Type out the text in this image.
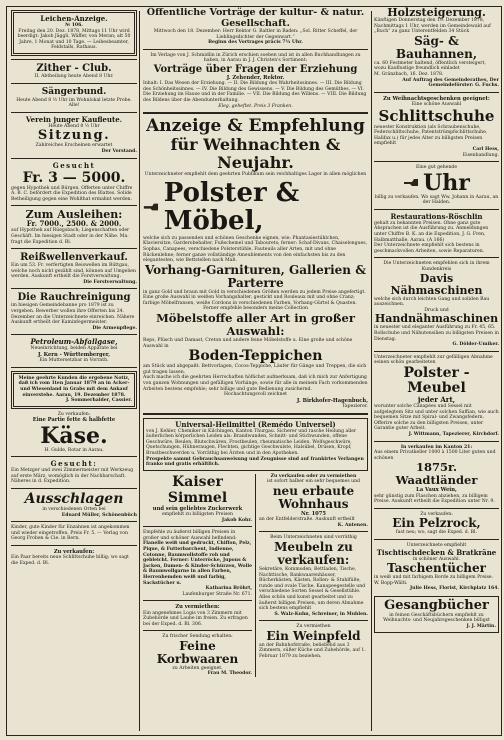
Leichen-Anzeige.
№ 106.
Freitag den 20. Dez. 1878, Mittags 11 Uhr wird beerdigt: Jakob Jäggli, Wäffer, von Meran; alt 50 Jahre, 1 Monat und 10 Tage. — Leibesbeamter, Feldstalls, Rathaus.
Zither - Club.
II. Abtheilung heute Abend 8 Uhr.
Sängerbund.
Heute Abend 8 ½ Uhr im Wohnlokal letzte Probe. Alle!
Verein junger Kaufleute.
Heute Abend 8 ½ Uhr
Sitzung.
Zahlreiches Erscheinen erwartet
Der Vorstand.
Gesucht
Fr. 3 — 5000.
gegen Hypothek und Bürgen. Offerten unter Chiffre A. B. C. befördert die Expedition des Blattes. Solide Betheiligung gegen eine Wohlthat ermahnt werden.
Zum Ausleihen:
Fr. 7000., 2500. & 2000.
auf Hypothek auf Rüegsbach; Liegenschaften oder Geschäft. Im hiesigen Stadt oder in der Nähe. Ma. fragt die Expedition d. Bl.
Reißwellenverkauf.
Ein um 53. Fr. verfertigten Reiswellen im Büttgau, welche noch nicht gezählt sind, können auf Umgelien werden. Auskunft ertheilt die Forstverwaltung.
Die Forstverwaltung.
Die Rauchreinigung
im hiesigen Gemeindebanne pro 1879 ist zu vergeben. Bewerber wollen ihre Offerten bis 24. Dezember an die Unterzeichnete einreichen. Nähere Auskunft ertheilt der Kaminfegermeister.
Die Armenpflege.
Petroleum-Abfallgase,
Neueinrichtung, beiden Apparate bei
J. Kern - Württemberger,
Ein Muttersetzbar in Vorrath.
Meine geehrte Kunden die ergebene Notiz, daß ich vom 1ten Januar 1879 an in Acker- und Wiesenland in Grabs mit dem Ankauf einverstehe. Aarau, 19. Dezember 1878.
J. Sommerhalder, Cassier.
Zu verkaufen:
Eine Partie fette & halbfette
Käse.
H. Gulde, Rotar in Aarau.
Gesucht:
Ein Metzger und zwei Zimmermeister mit Werkzeug auf erste März, womöglich in der Nachbarschaft. Näheres in d. Expedition.
Ausschlagen
in verschiedenen Orten bei
Eduard Müller, Schönenbüch
Kinder, gute Kinder für Enzahnen ist angekommen und wieder eingetroffen. Preis Fr. 5. — Verlag von Georg Froben & Cie. in Bern.
Zu verkaufen:
Ein Paar bereits neue Schlittschuhe billig; wo sagt die Exped. d. Bl.
Öffentliche Vorträge der kultur- & natur. Gesellschaft.
Mittwoch den 18. Dezember: Herr Rektor G. Baltler in Baden: „Sol. Ritter Scheffel, der Lieblingsdichter der Gegenwart.“
Beginn des Vortrages präcis 7¾ Uhr.
Im Verlage von J. Schmidlin in Zürich erschien soeben und ist in allen Buchhandlungen zu haben, in Aarau in J. J. Christen's Sortiment:
Vorträge über Fragen der Erziehung
J. Zehender, Rektor.
Inhalt: I. Das Wesen der Erziehung. — II. Die Bildung des Wahrheitssinnes. — III. Die Bildung des Schönheitssinnes. — IV. Die Bildung des Gewissens. — V. Die Bildung des Gemüthes. — VI. Die Erziehung im Hause und in der Familie. — VII. Die Bildung des Willens. — VIII. Die Bildung des Bildens über die Abendunterhaltung.
Eleg. geheftet. Preis 3 Franken.
Anzeige & Empfehlung
für Weihnachten & Neujahr.
Unterzeichneter empfiehlt dem geehrten Publikum sein reichhaltiges Lager in allen möglichen
Polster & Möbel,
welche sich zu passenden und schönen Geschenke eignen, wie: Phantasiestühlchen, Klaviersitze, Garderobehalter, Fußschemel und Tabourets; ferner: Schaf-Divans, Chaiselongues, Sophas, Canapees, verschiedene Polsterstühle, Fauteuils aller Arten, mit und ohne Rückenlehne; ferner ganze vollständige Ameublements von den einfachsten bis zu den elegantesten, wie Bettstellen nach Maß.
Vorhang-Garnituren, Gallerien & Parterre
in ganz Gold und braun mit Gold in verschiedenen Größen werden zu jedem Preise angefertigt.
Eine große Auswahl in weißen Vorhangshalter, gestickt und Rouleaux mit und ohne Cranz; farbige Möbelfransen, weiße Cordons in verschiedenen Farben, Vorhang-Gürtel & Quasten.
Ferner empfehle besonders meine Collection
Möbelstoffe aller Art in großer Auswahl:
Reps, Plüsch und Damast, Creton und andere feine Möbelstoffe u. Eine große und schöne Auswahl in
Boden-Teppichen
am Stück und abgepaßt. Bettvorlagen, Cocos-Teppiche, Läufer für Gänge und Treppen, die sich gut tragen lassen.
Auch mache ich die geehrten Herrschaften höflichst aufmerksam, daß ich mich zur Anfertigung von ganzen Wohnungen und gefälligen Vorhänge, sowie für alle in meinem Fach vorkommenden Arbeiten bestens empfehle; sehr billige und gute Bedienung zusichernd.
Hochachtungsvoll zeichnet
J. Birkhofer-Hagenbuch,
Tapezierer.
Universal-Heilmittel (Remédo Universel)
von J. Kehler, Chemiker in Kilchingen, Kanton Thurgau. Sicherer und rasche Heilung aller äußerlichen körperlichen Leiden als: Brandwunden, Schnitt- und Stichwunden, offene Geschwüre, Beulen, Blutschwären, Frostbeulen, rheumatische Leiden, Wolfsgeschwüre, Quetschungen, Hühneraugen, Flechten, gichtige Geschwulste, Halsübel, Drüsen, Kropf, Brustbeschwerden u. Vorräthig bei Ärzten und in den Apotheken.
Prospekte sammt Gebrauchsanweisung und Zeugnisse sind auf frankirtes Verlangen franko und gratis erhältlich.
Kaiser Simmel
und sein geliebtes Zuckerwerk
empfiehlt zu billigsten Preisen
Jakob Kohr.
Empfehle zu äußerst billigen Preisen in großer und schöner Auswahl befindend:
Flanelle weiß und gedruckt, Chiffon, Pelz, Pique, & Futterbarchent, Indienne, Cotonne, Baumwollstoffe roh und gebleicht. Ferner: Unterröcke, Jupons & Jacken, Damen- & Kinder-Schürzen, Wolle & Baumwollgarne in allen Farben, Herrenhemden weiß und farbig, Sackstücher u.
Katharina Bröhrt,
Laufenburger Straße Nr. 671.
Zu vermiethen:
Ein angenehmes Logis von 3 Zimmern mit Zubehörde und Laube im freien. Zu erfragen bei der Exped. d. Bl. 306.
Zu frischer Sendung erhalten:
Feine Korbwaaren
zu Arbeiten geeignet.
Frau M. Theodor.
Zu verkaufen oder zu vermiethen
ist sofort halber ein sehr bequemes und
neu erbaute Wohnhaus
Nr. 1075
an der Entfelderstraße. Auskunft ertheilt
K. Antenen.
Beim Unterzeichneten sind vorräthig
Meubeln zu verkaufen:
Sekretäre, Kommoden, Bettladen, Tische, Nachttische, Bankwaarenhäuser, Bücherkästen, Kästen, Rollen- & Stuhlfüße, runde und ovale Tische, Kanapeegestelle und verschiedene Sorten Sessel & Gesellstühle.
Alles schön und kunst gearbeitet und zu äußerst billigen Preisen, um deren Abnahme sich bestens empfiehlt
S. Walz-Kuhn, Schreiner, in Muhlen.
Zu vermiethen
Ein Weinpfeld
an der Bahnhofstraße, beliebend aus 3 Zimmern, süßer Küche und Zubehörde, auf 1. Februar 1879 zu beziehen.
Holzsteigerung.
Künftigen Donnerstag den 19. Dezember 1878, Nachmittags 1 Uhr, werden im Gemeindewald auf „Buch“ zu ganz Unterentfelden 34 Stück
Säg- & Bauhannen,
ca. 60 Festmeter haltend, öffentlich versteigert, wozu Kauflustige freundlich einladet
M. Gränzbach, 16. Dez. 1878.
Auf Auftrag des Gemeinderathes, Der Gemeindeförster: G. Fuchs.
Zu Weihnachtsgeschenken geeignet:
Eine schöne Auswahl
Schlittschuhe
neuester Konstruktion (als Schraubenschuhe, Federschlittschuhe, Patentstrümpfschlittschuhe, Halifax u.) für jedes Alter zu billigsten Preisen empfiehlt
Carl Hess,
Eisenhandlung.
Eine gut gehende
Uhr
billig zu verkaufen. Wo sagt Ww. Johann in Aarau, an der Halden.
Restaurations-Röschlin
gehalt zu bekannten Preisen. Ohne ganz gute Absprachen ist die Ausführung zu. Anmeldungen unter Chiffre B. K. an die Expedition. J. G. Fren, Halbmatthalle, Aarau. (A 166)
Der Unterzeichnete empfiehlt sich bestens in geschmackvollen Arbeiten, sowie Reparaturen.
Die Unterzeichneten empfehlen sich in ihrem Kundenkreis
Davis Nähmaschinen
welche sich durch leichten Gang und soliden Bau auszeichnen.
Druck und
Handnähmaschinen
in neuester und eleganter Ausführung zu Fr. 45, 65. Rollschuhe und Nähutensilien zu billigsten Preisen in Dienstag.
G. Dölder-Umiker.
Unterzeichneter empfiehlt zur gefälligen Abnahme seinen schön gearbeiteten
Polster - Meubel
jeder Art,
worunter solche Canapées und Sessel mit aufgelegtem Sitz und unter solchen Saffian, wie auch bequemen Sitze mit Spiral- und Zwangsfedern. Offerire solche zu den billigsten Preisen, unter Garantie guter Arbeit.
J. Wittmann, Tapezierer, Kirchdorf.
In verkaufen im Kanton 21:
Aus einem Privatkeller 1000 à 1500 Liter guten und schönen
1875r. Waadtländer
La Vaux Wein,
sehr günstig zum Flaschen abziehen, zu billigem Preise. Auskunft ertheilt die Expedition unter Nr. 9.
Zu verkaufen:
Ein Pelzrock,
fast neu; wo, sagt die Exped. d. Bl.
Unterzeichnete empfiehlt
Tischtischdecken & Bratkräne
in schöner Auswahl.
Taschentücher
in weiß und mit farbigem Borde zu billigem Preise. W. Bopp-Wälti.
Julie Hess, Florist, Kirchplatz 164.
Gesangbücher
in feinen Geschäftsbüchern empfiehlt zu Weihnachts- und Neujahrsgeschenken billigst
J. J. Märtin.
